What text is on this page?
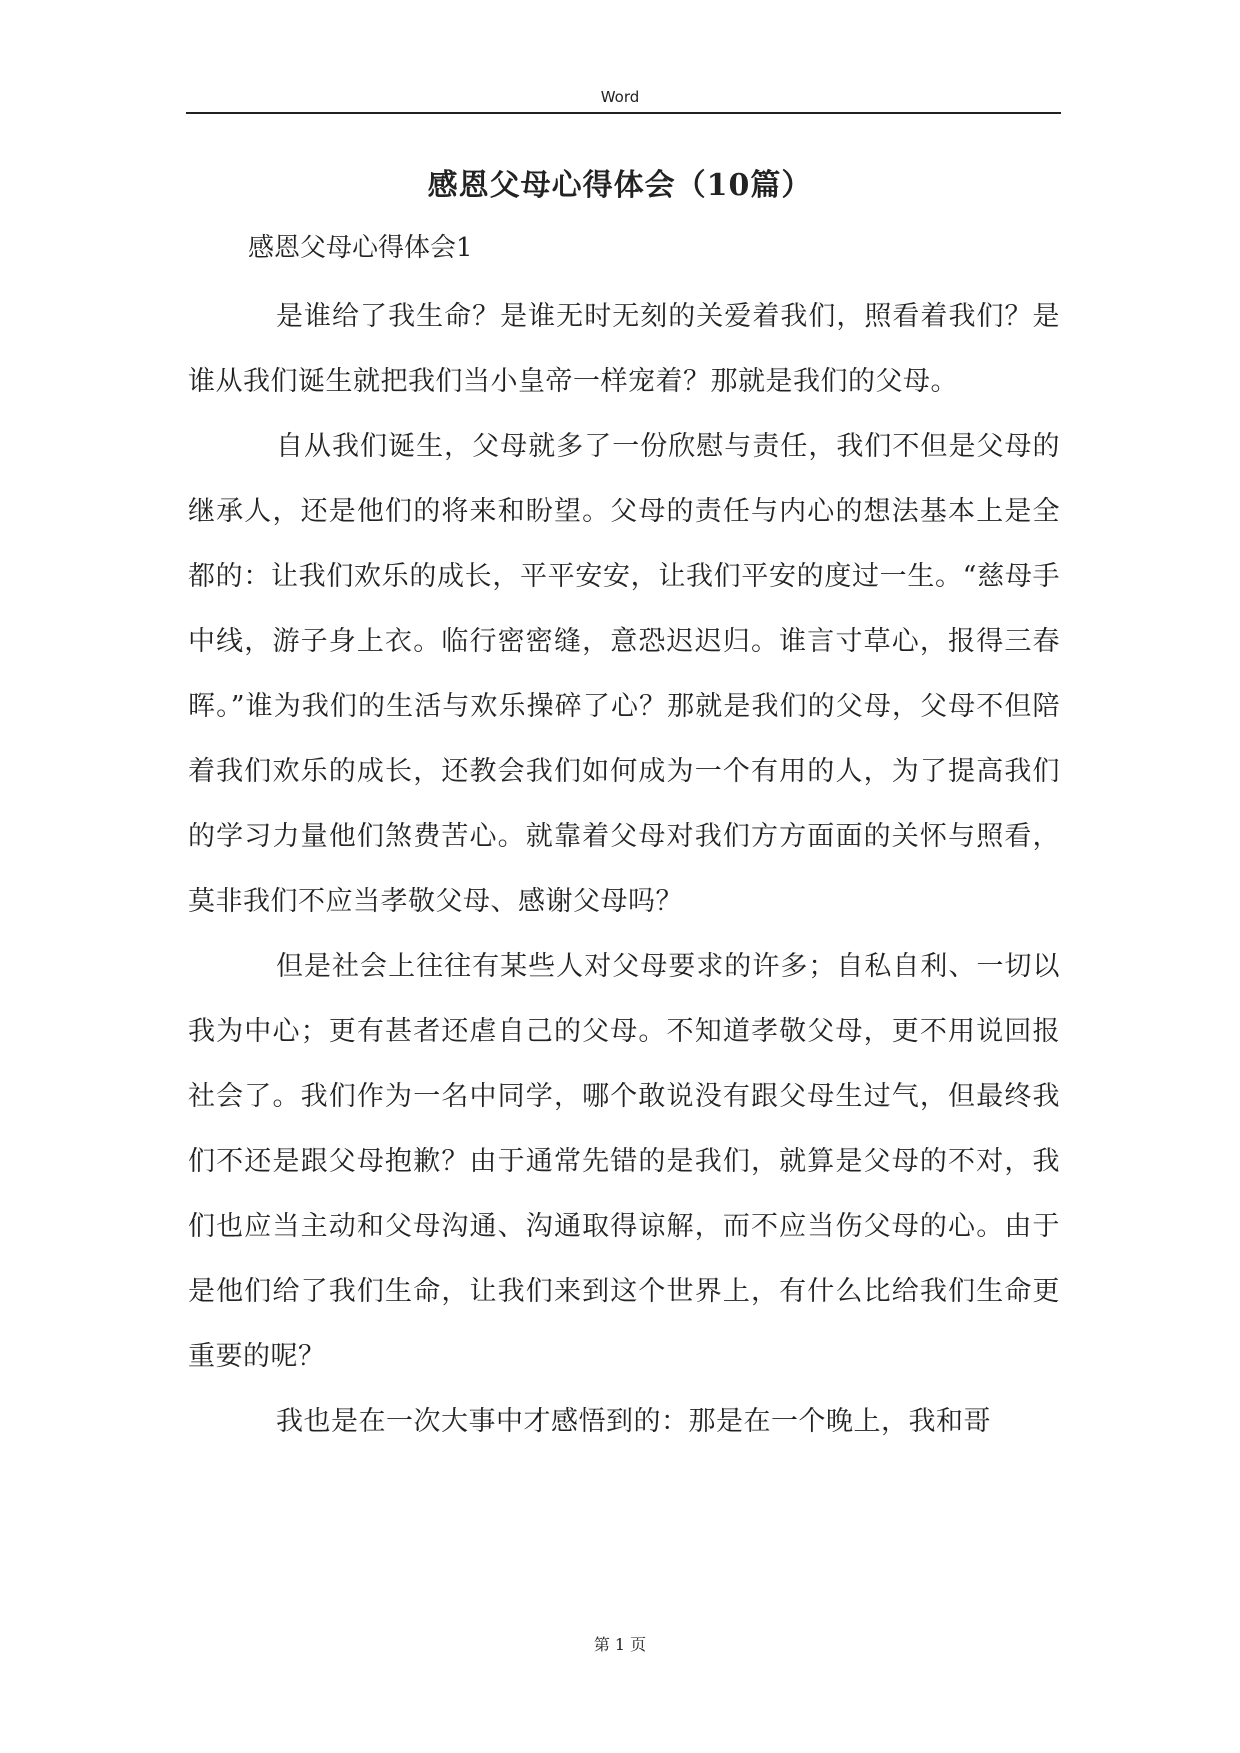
Word
感恩父母心得体会（10篇）
感恩父母心得体会1

是谁给了我生命？是谁无时无刻的关爱着我们，照看着我们？是谁从我们诞生就把我们当小皇帝一样宠着？那就是我们的父母。

自从我们诞生，父母就多了一份欣慰与责任，我们不但是父母的继承人，还是他们的将来和盼望。父母的责任与内心的想法基本上是全都的：让我们欢乐的成长，平平安安，让我们平安的度过一生。“慈母手中线，游子身上衣。临行密密缝，意恐迟迟归。谁言寸草心，报得三春晖。”谁为我们的生活与欢乐操碎了心？那就是我们的父母，父母不但陪着我们欢乐的成长，还教会我们如何成为一个有用的人，为了提高我们的学习力量他们煞费苦心。就靠着父母对我们方方面面的关怀与照看，莫非我们不应当孝敬父母、感谢父母吗？

但是社会上往往有某些人对父母要求的许多；自私自利、一切以我为中心；更有甚者还虐自己的父母。不知道孝敬父母，更不用说回报社会了。我们作为一名中同学，哪个敢说没有跟父母生过气，但最终我们不还是跟父母抱歉？由于通常先错的是我们，就算是父母的不对，我们也应当主动和父母沟通、沟通取得谅解，而不应当伤父母的心。由于是他们给了我们生命，让我们来到这个世界上，有什么比给我们生命更重要的呢？

我也是在一次大事中才感悟到的：那是在一个晚上，我和哥

第 1 页
